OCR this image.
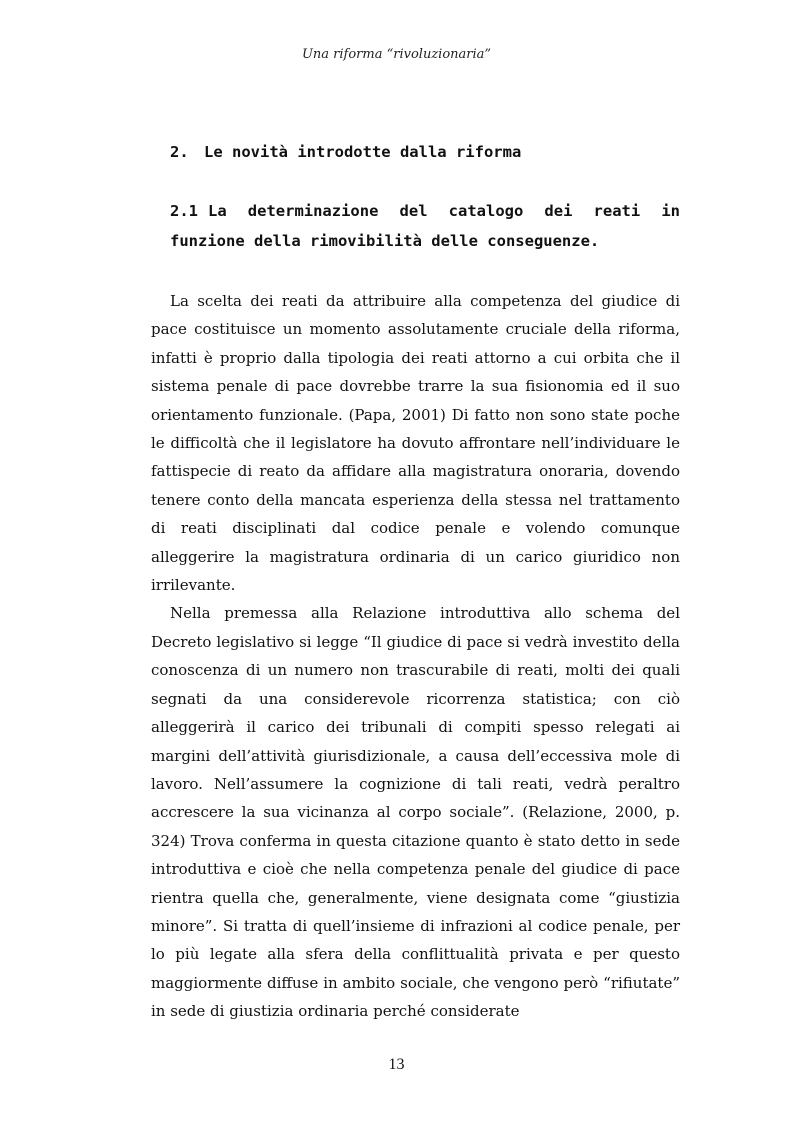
Una riforma “rivoluzionaria”
2. Le novità introdotte dalla riforma
2.1 La determinazione del catalogo dei reati in funzione della rimovibilità delle conseguenze.

La scelta dei reati da attribuire alla competenza del giudice di pace costituisce un momento assolutamente cruciale della riforma, infatti è proprio dalla tipologia dei reati attorno a cui orbita che il sistema penale di pace dovrebbe trarre la sua fisionomia ed il suo orientamento funzionale. (Papa, 2001) Di fatto non sono state poche le difficoltà che il legislatore ha dovuto affrontare nell’individuare le fattispecie di reato da affidare alla magistratura onoraria, dovendo tenere conto della mancata esperienza della stessa nel trattamento di reati disciplinati dal codice penale e volendo comunque alleggerire la magistratura ordinaria di un carico giuridico non irrilevante.

Nella premessa alla Relazione introduttiva allo schema del Decreto legislativo si legge “Il giudice di pace si vedrà investito della conoscenza di un numero non trascurabile di reati, molti dei quali segnati da una considerevole ricorrenza statistica; con ciò alleggerirà il carico dei tribunali di compiti spesso relegati ai margini dell’attività giurisdizionale, a causa dell’eccessiva mole di lavoro. Nell’assumere la cognizione di tali reati, vedrà peraltro accrescere la sua vicinanza al corpo sociale”. (Relazione, 2000, p. 324) Trova conferma in questa citazione quanto è stato detto in sede introduttiva e cioè che nella competenza penale del giudice di pace rientra quella che, generalmente, viene designata come “giustizia minore”. Si tratta di quell’insieme di infrazioni al codice penale, per lo più legate alla sfera della conflittualità privata e per questo maggiormente diffuse in ambito sociale, che vengono però “rifiutate” in sede di giustizia ordinaria perché considerate

13
